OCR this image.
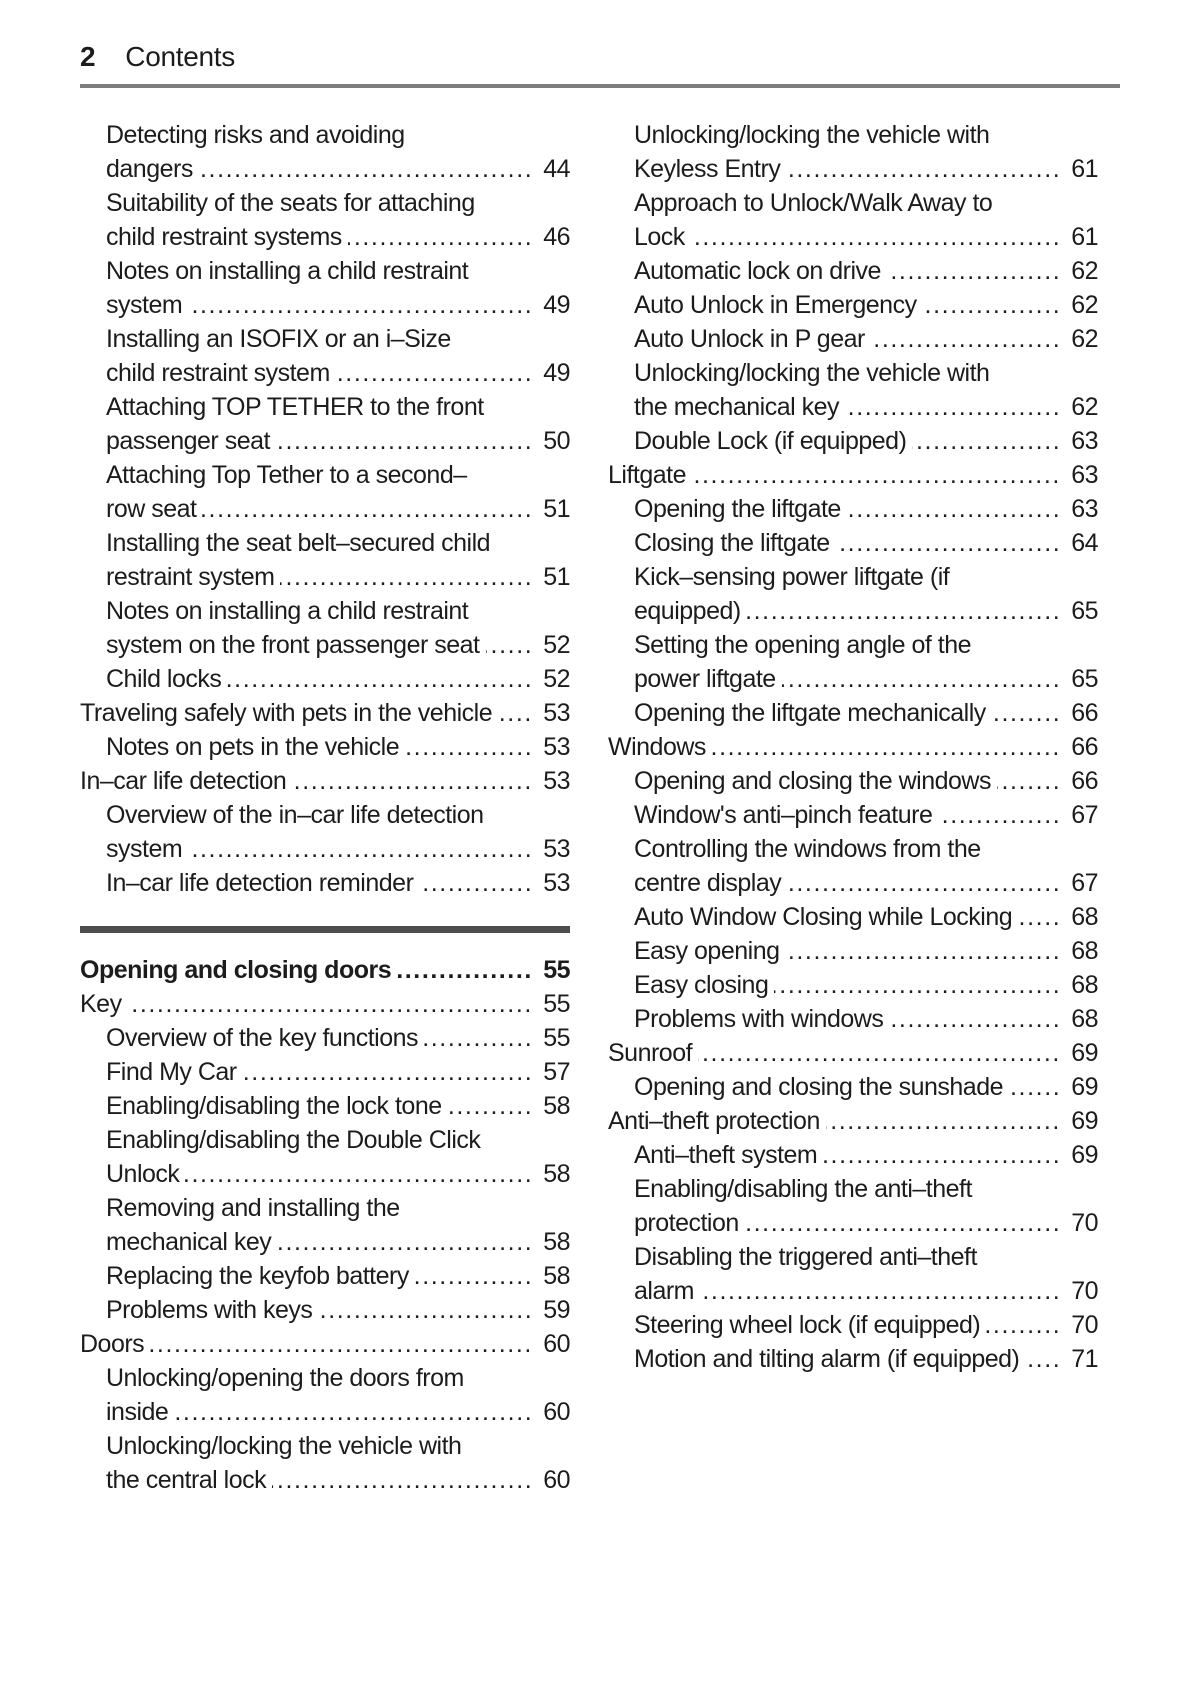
2 Contents
.....
Detecting risks and avoiding dangers	44
.....
Suitability of the seats for attaching child restraint systems	46
.....
Notes on installing a child restraint system	49
.....
Installing an ISOFIX or an i–Size child restraint system	49
.....
Attaching TOP TETHER to the front passenger seat	50
.....
Attaching Top Tether to a second–row seat	51
.....
Installing the seat belt–secured child restraint system	51
.....
Notes on installing a child restraint system on the front passenger seat	52
.....
Child locks	52
.....
Traveling safely with pets in the vehicle	53
.....
Notes on pets in the vehicle	53
.....
In–car life detection	53
.....
Overview of the in–car life detection system	53
.....
In–car life detection reminder	53
.....
Opening and closing doors	55
.....
Key	55
.....
Overview of the key functions	55
.....
Find My Car	57
.....
Enabling/disabling the lock tone	58
.....
Enabling/disabling the Double Click Unlock	58
.....
Removing and installing the mechanical key	58
.....
Replacing the keyfob battery	58
.....
Problems with keys	59
.....
Doors	60
.....
Unlocking/opening the doors from inside	60
.....
Unlocking/locking the vehicle with the central lock	60
.....
Unlocking/locking the vehicle with Keyless Entry	61
.....
Approach to Unlock/Walk Away to Lock	61
.....
Automatic lock on drive	62
.....
Auto Unlock in Emergency	62
.....
Auto Unlock in P gear	62
.....
Unlocking/locking the vehicle with the mechanical key	62
.....
Double Lock (if equipped)	63
.....
Liftgate	63
.....
Opening the liftgate	63
.....
Closing the liftgate	64
.....
Kick–sensing power liftgate (if equipped)	65
.....
Setting the opening angle of the power liftgate	65
.....
Opening the liftgate mechanically	66
.....
Windows	66
.....
Opening and closing the windows	66
.....
Window's anti–pinch feature	67
.....
Controlling the windows from the centre display	67
.....
Auto Window Closing while Locking	68
.....
Easy opening	68
.....
Easy closing	68
.....
Problems with windows	68
.....
Sunroof	69
.....
Opening and closing the sunshade	69
.....
Anti–theft protection	69
.....
Anti–theft system	69
.....
Enabling/disabling the anti–theft protection	70
.....
Disabling the triggered anti–theft alarm	70
.....
Steering wheel lock (if equipped)	70
.....
Motion and tilting alarm (if equipped)	71
